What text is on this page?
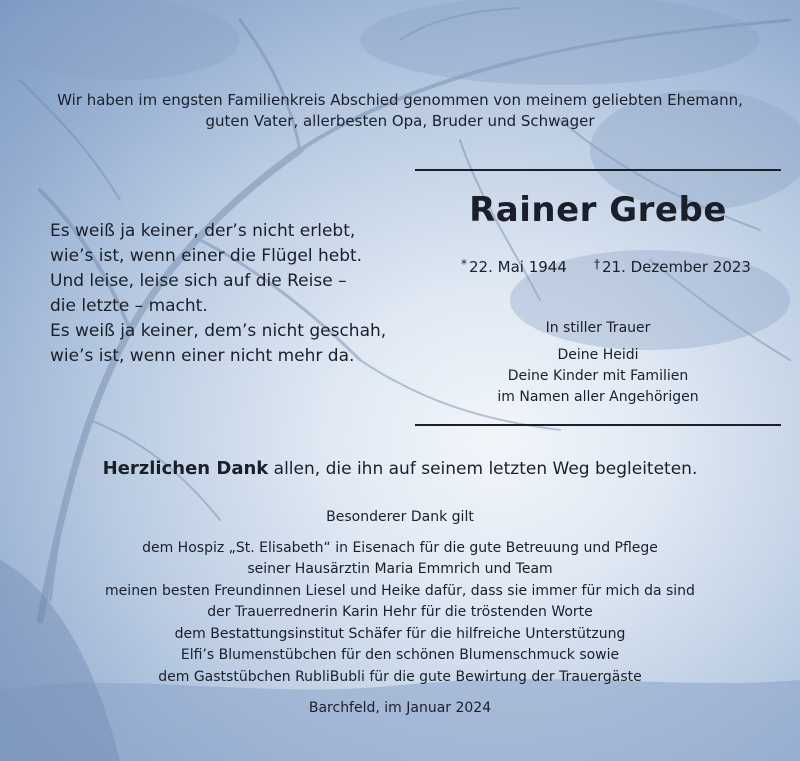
Wir haben im engsten Familienkreis Abschied genommen von meinem geliebten Ehemann,
guten Vater, allerbesten Opa, Bruder und Schwager
Rainer Grebe
* 22. Mai 1944 † 21. Dezember 2023
Es weiß ja keiner, der’s nicht erlebt,
wie’s ist, wenn einer die Flügel hebt.
Und leise, leise sich auf die Reise –
die letzte – macht.
Es weiß ja keiner, dem’s nicht geschah,
wie’s ist, wenn einer nicht mehr da.
In stiller Trauer
Deine Heidi
Deine Kinder mit Familien
im Namen aller Angehörigen
Herzlichen Dank allen, die ihn auf seinem letzten Weg begleiteten.
Besonderer Dank gilt
dem Hospiz „St. Elisabeth“ in Eisenach für die gute Betreuung und Pflege
seiner Hausärztin Maria Emmrich und Team
meinen besten Freundinnen Liesel und Heike dafür, dass sie immer für mich da sind
der Trauerrednerin Karin Hehr für die tröstenden Worte
dem Bestattungsinstitut Schäfer für die hilfreiche Unterstützung
Elfi’s Blumenstübchen für den schönen Blumenschmuck sowie
dem Gaststübchen RubliBubli für die gute Bewirtung der Trauergäste
Barchfeld, im Januar 2024
